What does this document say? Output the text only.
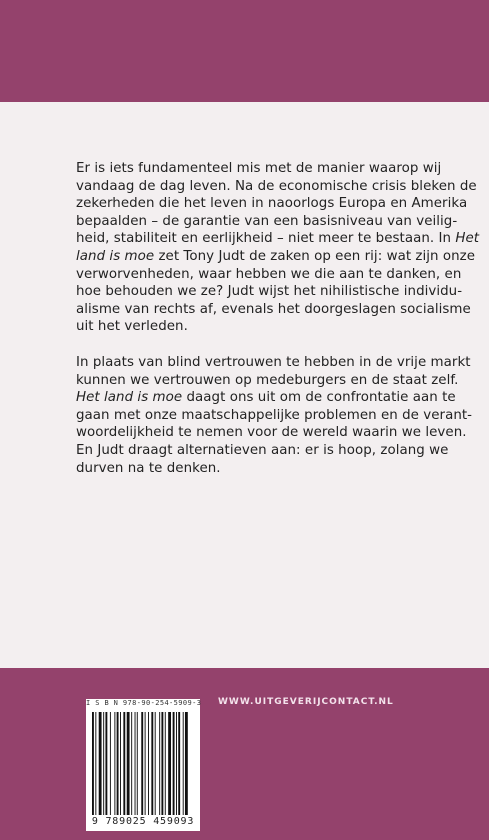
Er is iets fundamenteel mis met de manier waarop wij
vandaag de dag leven. Na de economische crisis bleken de
zekerheden die het leven in naoorlogs Europa en Amerika
bepaalden – de garantie van een basisniveau van veilig-
heid, stabiliteit en eerlijkheid – niet meer te bestaan. In Het
land is moe zet Tony Judt de zaken op een rij: wat zijn onze
verworvenheden, waar hebben we die aan te danken, en
hoe behouden we ze? Judt wijst het nihilistische individu-
alisme van rechts af, evenals het doorgeslagen socialisme
uit het verleden.

In plaats van blind vertrouwen te hebben in de vrije markt
kunnen we vertrouwen op medeburgers en de staat zelf.
Het land is moe daagt ons uit om de confrontatie aan te
gaan met onze maatschappelijke problemen en de verant-
woordelijkheid te nemen voor de wereld waarin we leven.
En Judt draagt alternatieven aan: er is hoop, zolang we
durven na te denken.

I S B N 978-90-254-5909-3
9 789025 459093
WWW.UITGEVERIJCONTACT.NL
